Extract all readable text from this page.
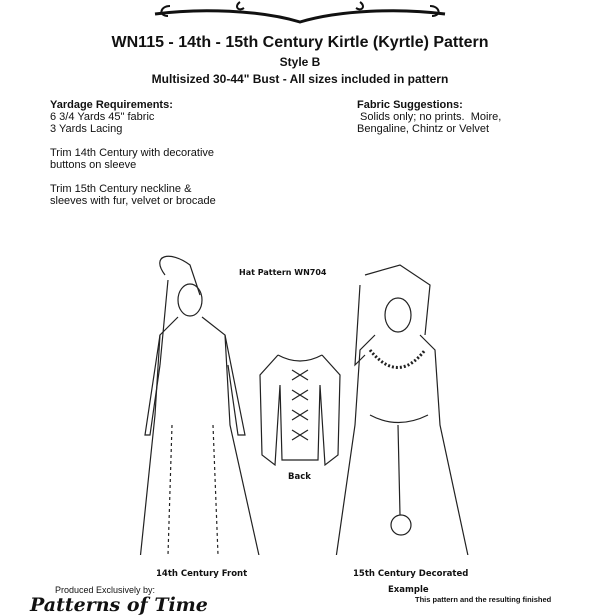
WN115 - 14th - 15th Century Kirtle (Kyrtle) Pattern
Style B
Multisized 30-44" Bust - All sizes included in pattern
Yardage Requirements:
6 3/4 Yards 45" fabric
3 Yards Lacing
Trim 14th Century with decorative
buttons on sleeve
Trim 15th Century neckline &
sleeves with fur, velvet or brocade
Fabric Suggestions:
Solids only; no prints.  Moire,
Bengaline, Chintz or Velvet
Hat Pattern WN704
Back
14th Century Front	15th Century Decorated
Example
Produced Exclusively by:
Patterns of Time	This pattern and the resulting finished
